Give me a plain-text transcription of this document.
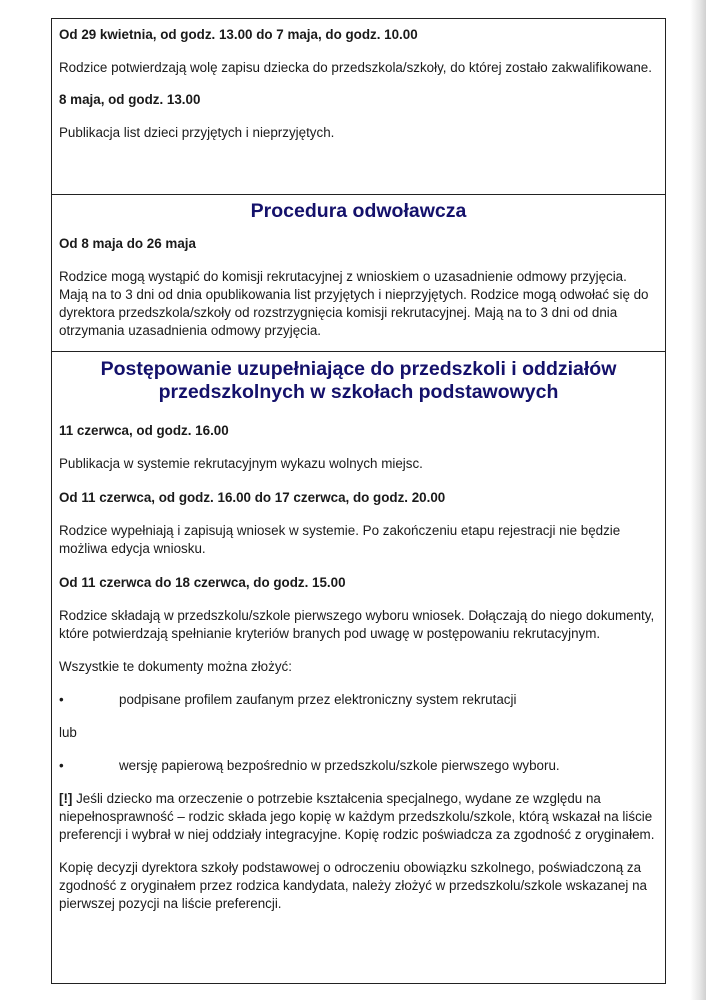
Od 29 kwietnia, od godz. 13.00 do 7 maja, do godz. 10.00

Rodzice potwierdzają wolę zapisu dziecka do przedszkola/szkoły, do której zostało zakwalifikowane.

8 maja, od godz. 13.00

Publikacja list dzieci przyjętych i nieprzyjętych.

Procedura odwoławcza

Od 8 maja do 26 maja

Rodzice mogą wystąpić do komisji rekrutacyjnej z wnioskiem o uzasadnienie odmowy przyjęcia. Mają na to 3 dni od dnia opublikowania list przyjętych i nieprzyjętych. Rodzice mogą odwołać się do dyrektora przedszkola/szkoły od rozstrzygnięcia komisji rekrutacyjnej. Mają na to 3 dni od dnia otrzymania uzasadnienia odmowy przyjęcia.

Postępowanie uzupełniające do przedszkoli i oddziałów przedszkolnych w szkołach podstawowych

11 czerwca, od godz. 16.00

Publikacja w systemie rekrutacyjnym wykazu wolnych miejsc.

Od 11 czerwca, od godz. 16.00 do 17 czerwca, do godz. 20.00

Rodzice wypełniają i zapisują wniosek w systemie. Po zakończeniu etapu rejestracji nie będzie możliwa edycja wniosku.

Od 11 czerwca do 18 czerwca, do godz. 15.00

Rodzice składają w przedszkolu/szkole pierwszego wyboru wniosek. Dołączają do niego dokumenty, które potwierdzają spełnianie kryteriów branych pod uwagę w postępowaniu rekrutacyjnym.

Wszystkie te dokumenty można złożyć:

•	podpisane profilem zaufanym przez elektroniczny system rekrutacji

lub

•	wersję papierową bezpośrednio w przedszkolu/szkole pierwszego wyboru.

[!] Jeśli dziecko ma orzeczenie o potrzebie kształcenia specjalnego, wydane ze względu na niepełnosprawność – rodzic składa jego kopię w każdym przedszkolu/szkole, którą wskazał na liście preferencji i wybrał w niej oddziały integracyjne. Kopię rodzic poświadcza za zgodność z oryginałem.

Kopię decyzji dyrektora szkoły podstawowej o odroczeniu obowiązku szkolnego, poświadczoną za zgodność z oryginałem przez rodzica kandydata, należy złożyć w przedszkolu/szkole wskazanej na pierwszej pozycji na liście preferencji.
